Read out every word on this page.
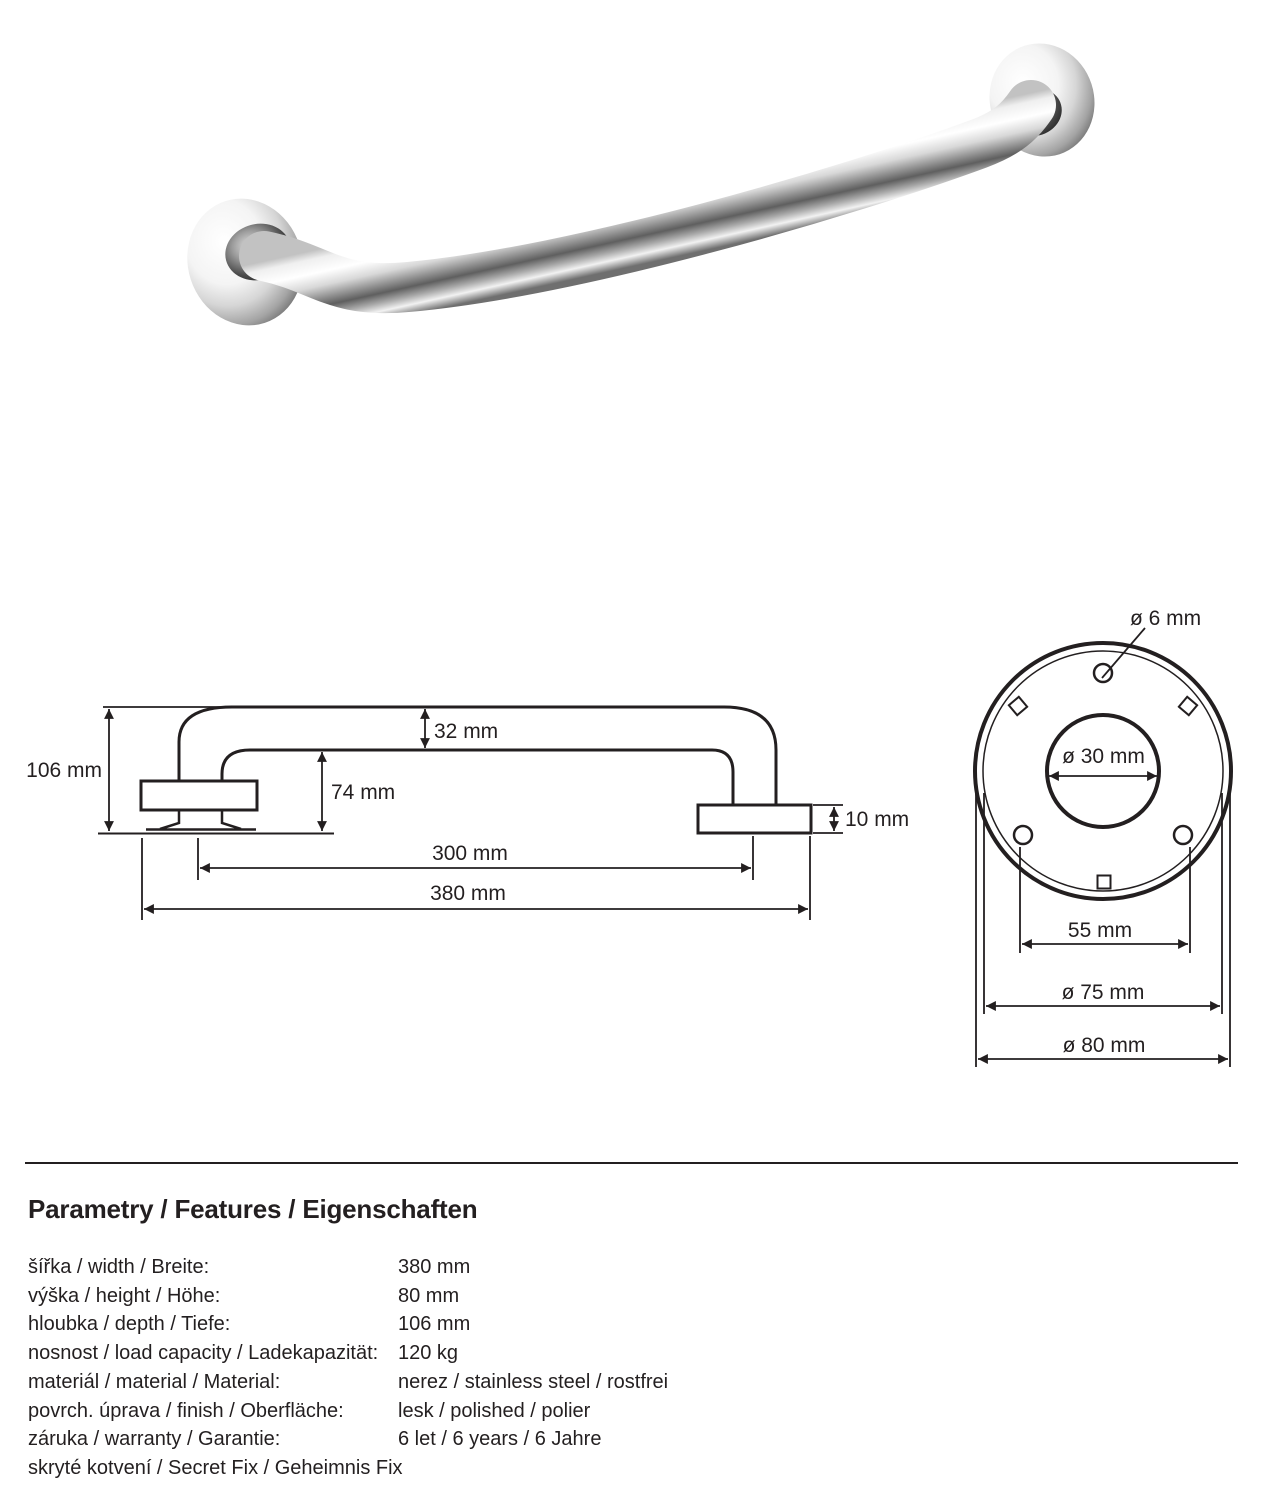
106 mm
32 mm
74 mm
10 mm
300 mm
380 mm
ø 6 mm
ø 30 mm
55 mm
ø 75 mm
ø 80 mm
Parametry / Features / Eigenschaften
šířka / width / Breite:	380 mm
výška / height / Höhe:	80 mm
hloubka / depth / Tiefe:	106 mm
nosnost / load capacity / Ladekapazität: 120 kg
materiál / material / Material:	nerez / stainless steel / rostfrei
povrch. úprava / finish / Oberfläche:	lesk / polished / polier
záruka / warranty / Garantie:	6 let / 6 years / 6 Jahre
skryté kotvení / Secret Fix / Geheimnis Fix
